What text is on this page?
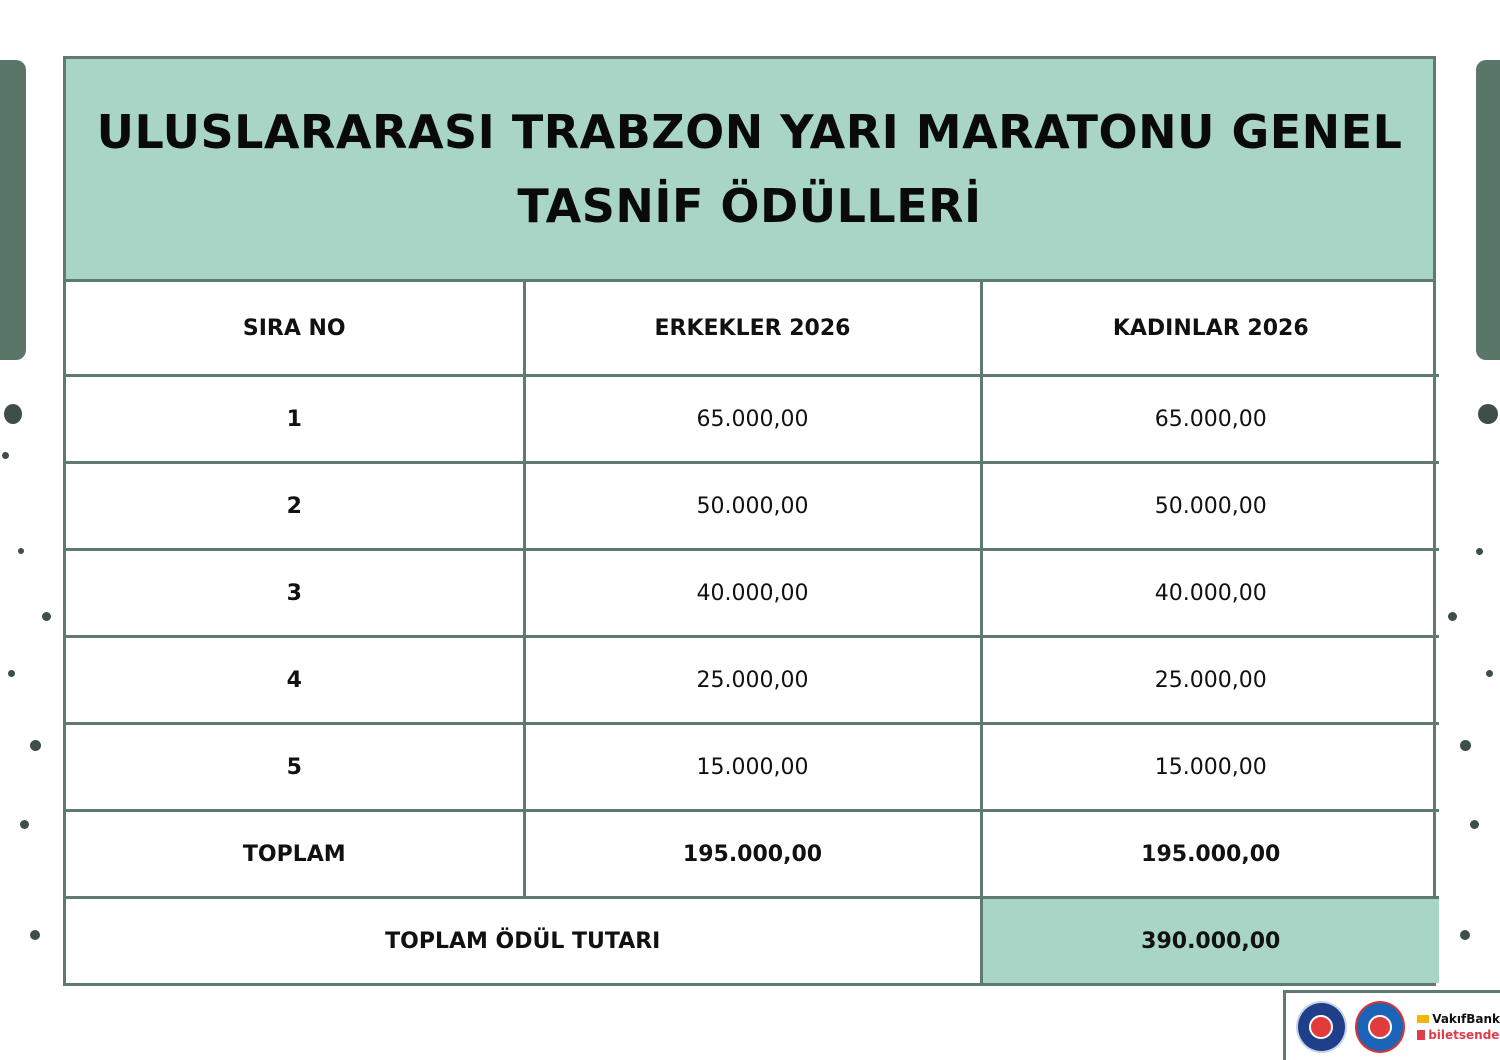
ULUSLARARASI TRABZON YARI MARATONU GENEL TASNİF ÖDÜLLERİ
SIRA NO	ERKEKLER 2026	KADINLAR 2026
1	65.000,00	65.000,00
2	50.000,00	50.000,00
3	40.000,00	40.000,00
4	25.000,00	25.000,00
5	15.000,00	15.000,00
TOPLAM	195.000,00	195.000,00
TOPLAM ÖDÜL TUTARI		390.000,00
VakıfBank
biletsende
